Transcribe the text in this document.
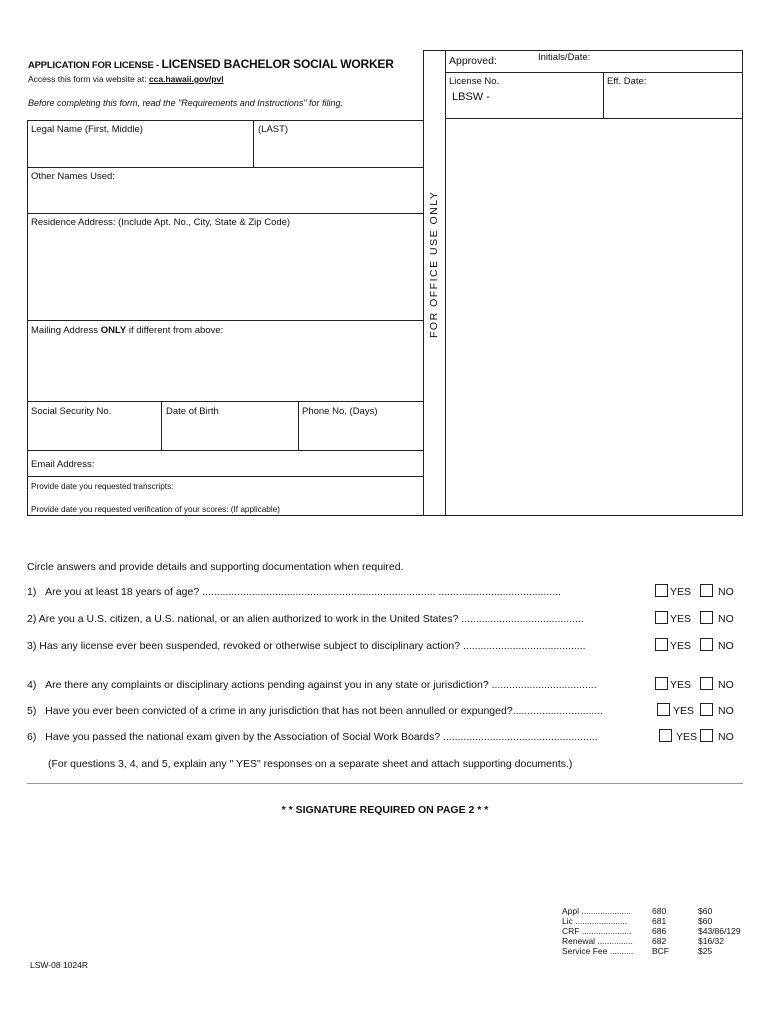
APPLICATION FOR LICENSE - LICENSED BACHELOR SOCIAL WORKER
Access this form via website at: cca.hawaii.gov/pvl
Before completing this form, read the "Requirements and Instructions" for filing.
Legal Name (First, Middle)	(LAST)
Other Names Used:
Residence Address: (Include Apt. No., City, State & Zip Code)
Mailing Address ONLY if different from above:
Social Security No.	Date of Birth	Phone No. (Days)
Email Address:
Provide date you requested transcripts:
Provide date you requested verification of your scores: (If applicable)
FOR OFFICE USE ONLY
Approved:	Initials/Date:
License No.	Eff. Date:
LBSW -
Circle answers and provide details and supporting documentation when required.
1) Are you at least 18 years of age? ................................................................................ ..........................................	YES	NO
2) Are you a U.S. citizen, a U.S. national, or an alien authorized to work in the United States? ..........................................	YES	NO
3) Has any license ever been suspended, revoked or otherwise subject to disciplinary action? ..........................................	YES	NO
4) Are there any complaints or disciplinary actions pending against you in any state or jurisdiction? ....................................	YES	NO
5) Have you ever been convicted of a crime in any jurisdiction that has not been annulled or expunged?...............................	YES NO
6) Have you passed the national exam given by the Association of Social Work Boards? .....................................................	YES NO
(For questions 3, 4, and 5, explain any " YES" responses on a separate sheet and attach supporting documents.)
* * SIGNATURE REQUIRED ON PAGE 2 * *
LSW-08 1024R
Appl ..................... 680	$60
Lic ......................	681	$60
CRF ..................... 686	$43/86/129
Renewal ............... 682	$16/32
Service Fee .......... BCF	$25
